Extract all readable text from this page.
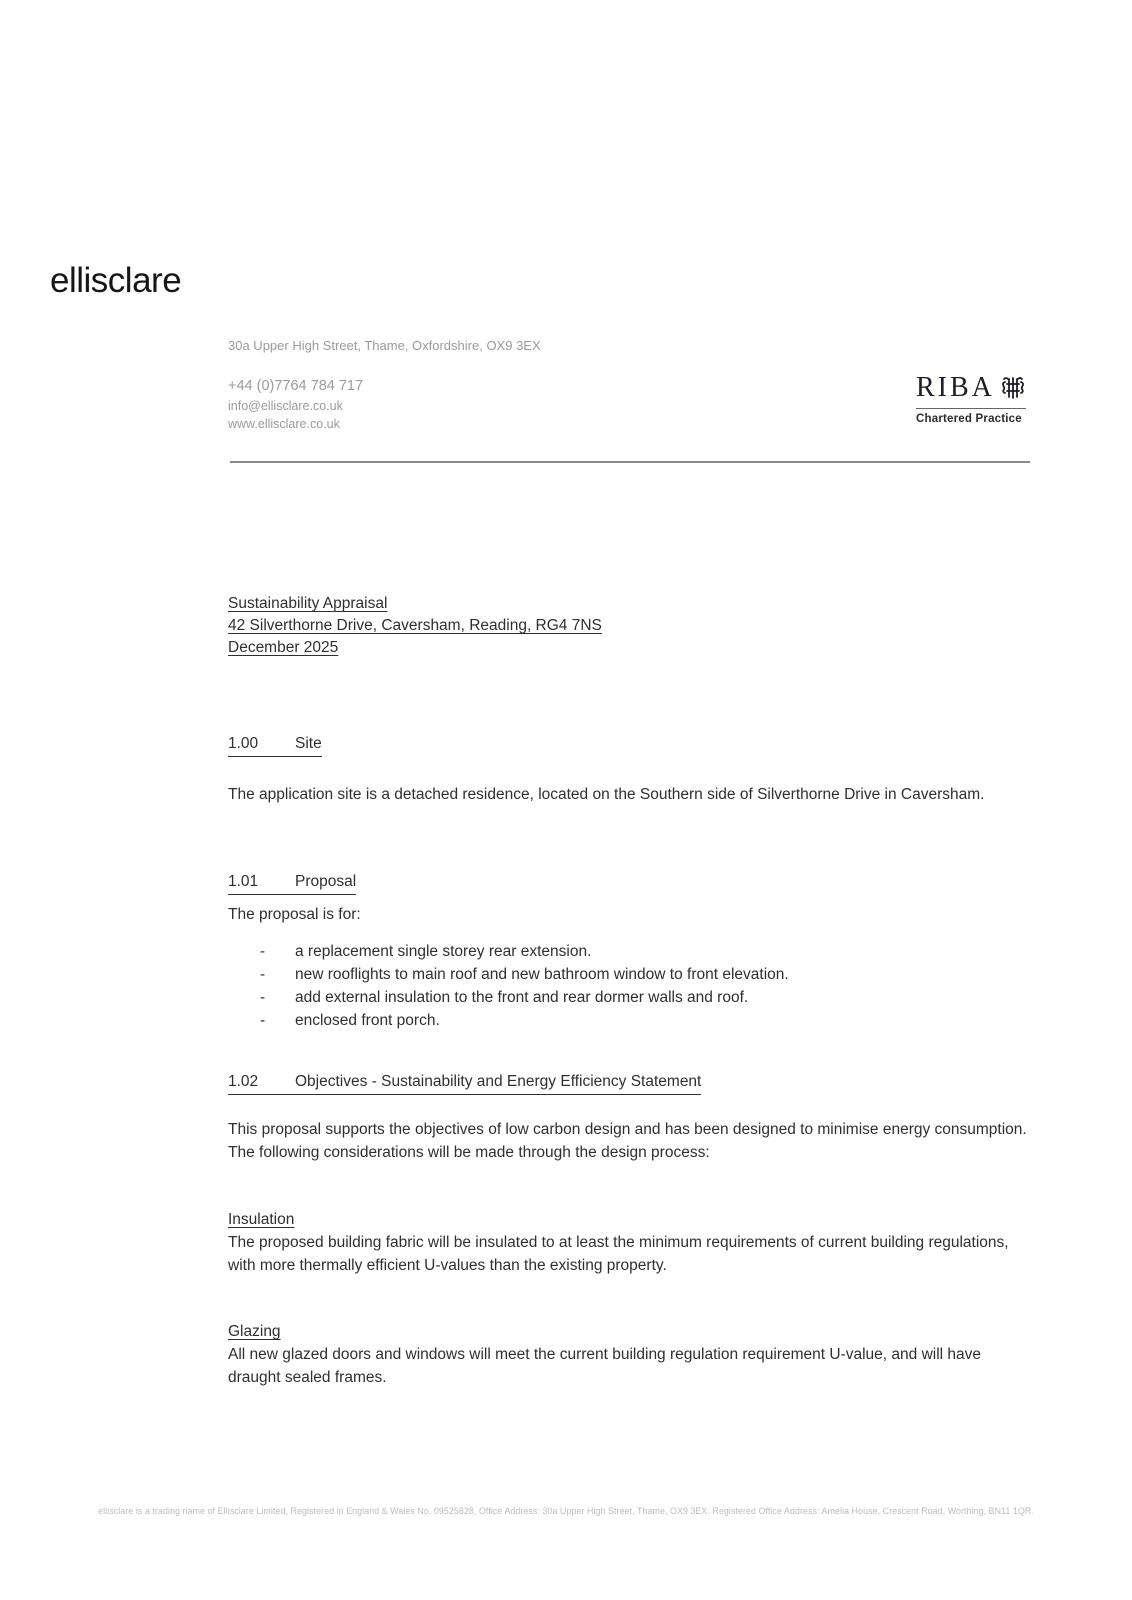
ellisclare
30a Upper High Street, Thame, Oxfordshire, OX9 3EX
+44 (0)7764 784 717
info@ellisclare.co.uk
www.ellisclare.co.uk
RIBA
Chartered Practice
Sustainability Appraisal
42 Silverthorne Drive, Caversham, Reading, RG4 7NS
December 2025
1.00 Site

The application site is a detached residence, located on the Southern side of Silverthorne Drive in Caversham.

1.01 Proposal

The proposal is for:

-	a replacement single storey rear extension.
-	new rooflights to main roof and new bathroom window to front elevation.
-	add external insulation to the front and rear dormer walls and roof.
-	enclosed front porch.
1.02 Objectives - Sustainability and Energy Efficiency Statement

This proposal supports the objectives of low carbon design and has been designed to minimise energy consumption.  The following considerations will be made through the design process:

Insulation

The proposed building fabric will be insulated to at least the minimum requirements of current building regulations, with more thermally efficient U-values than the existing property.

Glazing

All new glazed doors and windows will meet the current building regulation requirement U-value, and will have draught sealed frames.

ellisclare is a trading name of Ellisclare Limited, Registered in England & Wales No. 09525828, Office Address: 30a Upper High Street, Thame, OX9 3EX. Registered Office Address: Amelia House, Crescent Road, Worthing, BN11 1QR.
